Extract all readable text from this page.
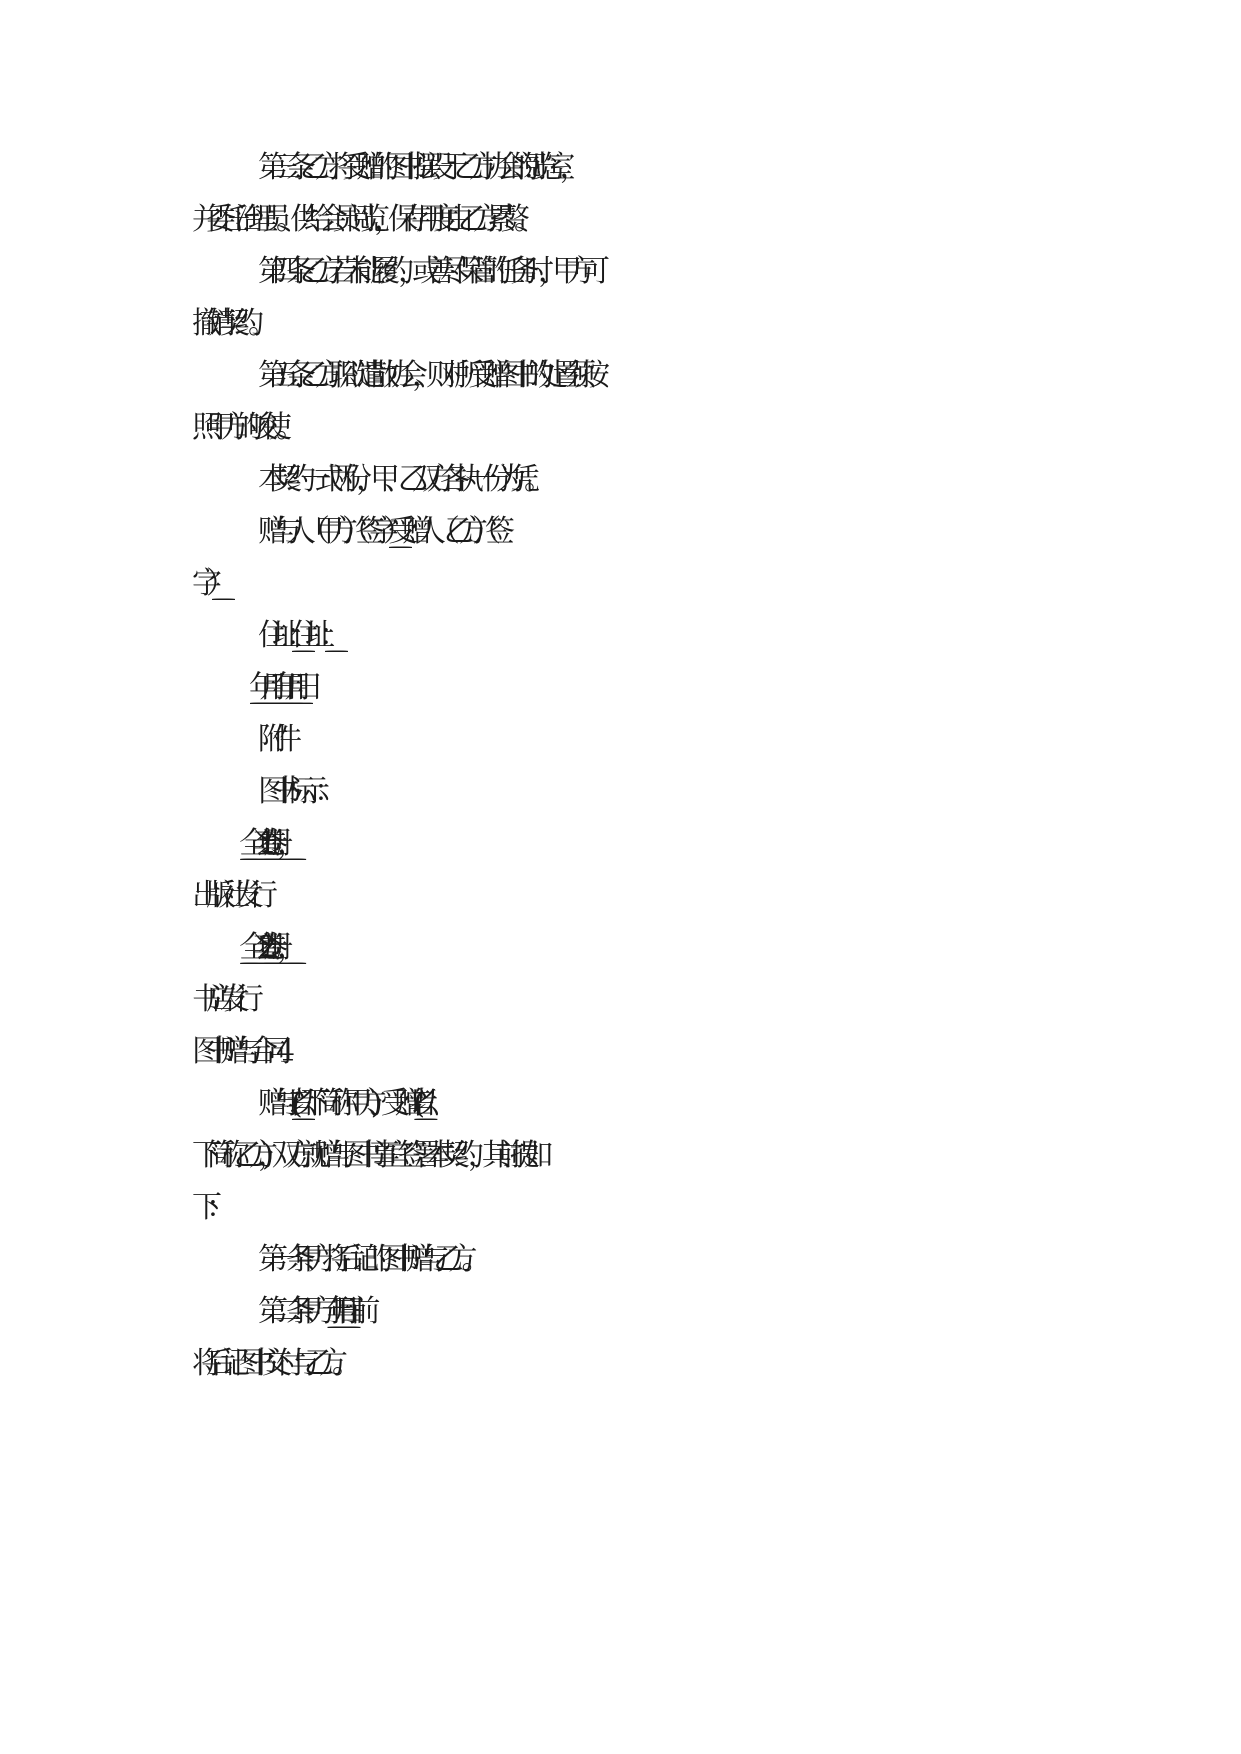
第三条乙方将受赠的图书摆设于乙方协会的.阅览室，
并委任治理员。供给会员阅览，保存用度由乙方累赘。
第四条乙方若未能履约，或善尽保管的任务时，甲方可
撤销契约。
第五条乙方职欲遣散协会，则对所受赠图书的处置须按
照甲方的唆使。
本契约一式两份，甲、乙双方各执一份为凭。
赠与人（甲方）（签字）_________受赠人（乙方）（签
字）_________
住址：_________住址：_________
_________年____月____日_________年____月____日
附件
图书标示：
1. _________全套_________卷_________册，_________
出版社发行
2. _________全套_________卷_________册，_________
书店发行
图书赠与合同4
赠与者_________(以下简称甲方)、受赠者_________(以
下简称乙方)，双方就赠与图书事宜签署本契约，其前提如
下：
第一条 甲方将后记的图书赠与乙方。
第二条 甲方于_________年_________月_________日前
将后记图书交付与乙方。
